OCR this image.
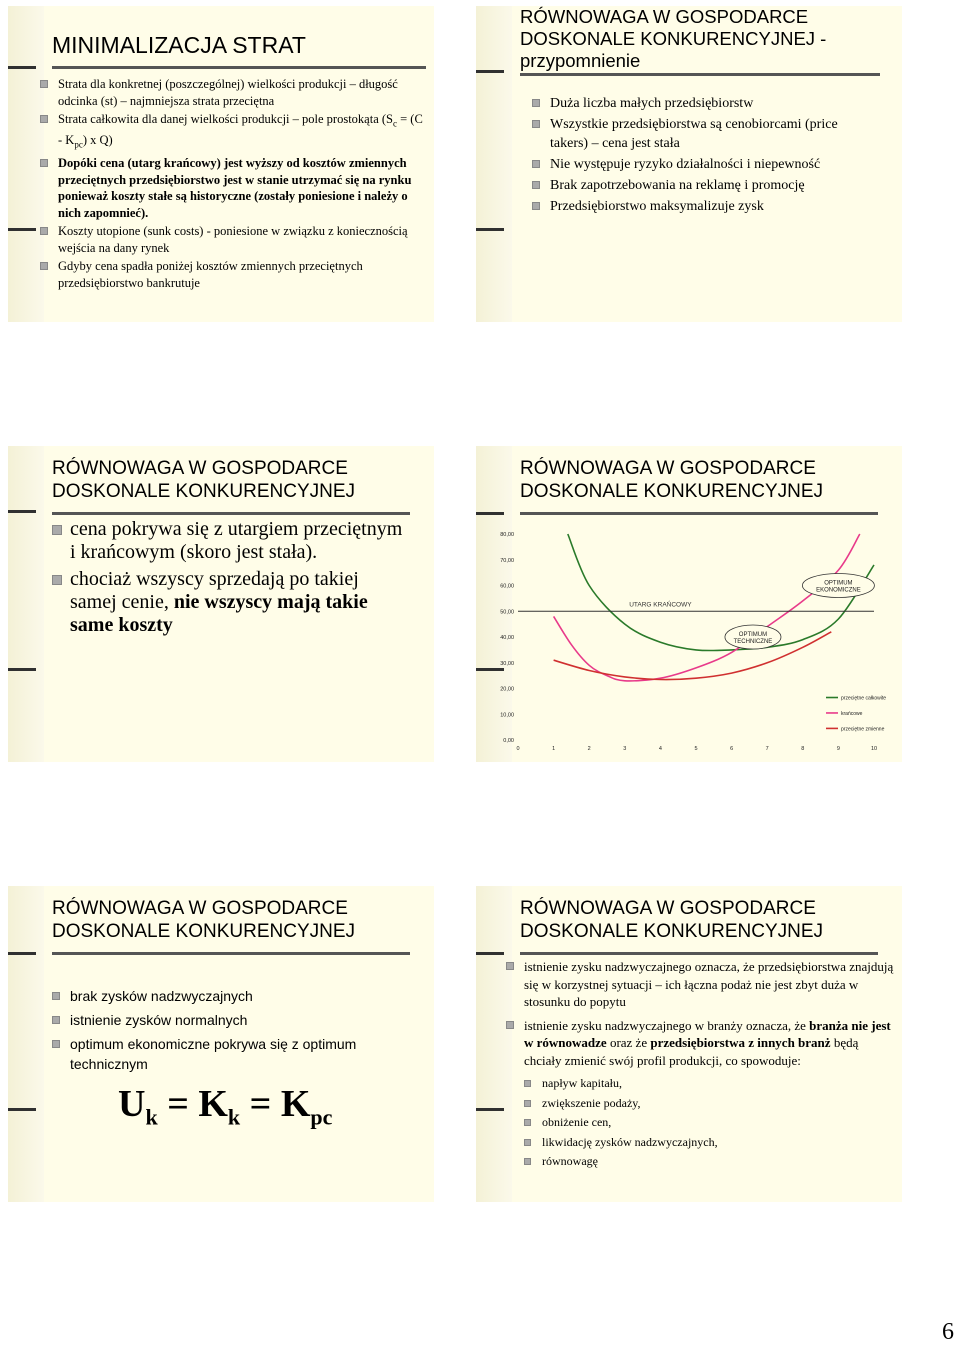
MINIMALIZACJA STRAT
Strata dla konkretnej (poszczególnej) wielkości produkcji – długość odcinka (st) – najmniejsza strata przeciętna
Strata całkowita dla danej wielkości produkcji – pole prostokąta ($S_c = (C - K_{pc})$ x Q)
Dopóki cena (utarg krańcowy) jest wyższy od kosztów zmiennych przeciętnych przedsiębiorstwo jest w stanie utrzymać się na rynku ponieważ koszty stałe są historyczne (zostały poniesione i należy o nich zapomnieć).
Koszty utopione (sunk costs) - poniesione w związku z koniecznością wejścia na dany rynek
Gdyby cena spadła poniżej kosztów zmiennych przeciętnych przedsiębiorstwo bankrutuje
RÓWNOWAGA W GOSPODARCE DOSKONALE KONKURENCYJNEJ - przypomnienie
Duża liczba małych przedsiębiorstw
Wszystkie przedsiębiorstwa są cenobiorcami (price takers) – cena jest stała
Nie występuje ryzyko działalności i niepewność
Brak zapotrzebowania na reklamę i promocję
Przedsiębiorstwo maksymalizuje zysk
RÓWNOWAGA W GOSPODARCE DOSKONALE KONKURENCYJNEJ
cena pokrywa się z utargiem przeciętnym i krańcowym (skoro jest stała).
chociaż wszyscy sprzedają po takiej samej cenie, nie wszyscy mają takie same koszty
RÓWNOWAGA W GOSPODARCE DOSKONALE KONKURENCYJNEJ
0,00
10,00
20,00
30,00
40,00
50,00
60,00
70,00
80,00
0	1	2	3	4	5	6	7	8	9	10
przeciętne całkowite
krańcowe
przeciętne zmienne
UTARG KRAŃCOWY
OPTIMUM
TECHNICZNE
OPTIMUM
EKONOMICZNE
RÓWNOWAGA W GOSPODARCE DOSKONALE KONKURENCYJNEJ
brak zysków nadzwyczajnych
istnienie zysków normalnych
optimum ekonomiczne pokrywa się z optimum technicznym
$U_k = K_k = K_{pc}$
RÓWNOWAGA W GOSPODARCE DOSKONALE KONKURENCYJNEJ
istnienie zysku nadzwyczajnego oznacza, że przedsiębiorstwa znajdują się w korzystnej sytuacji – ich łączna podaż nie jest zbyt duża w stosunku do popytu
istnienie zysku nadzwyczajnego w branży oznacza, że branża nie jest w równowadze oraz że przedsiębiorstwa z innych branż będą chciały zmienić swój profil produkcji, co spowoduje:
napływ kapitału,
zwiększenie podaży,
obniżenie cen,
likwidację zysków nadzwyczajnych,
równowagę
6
